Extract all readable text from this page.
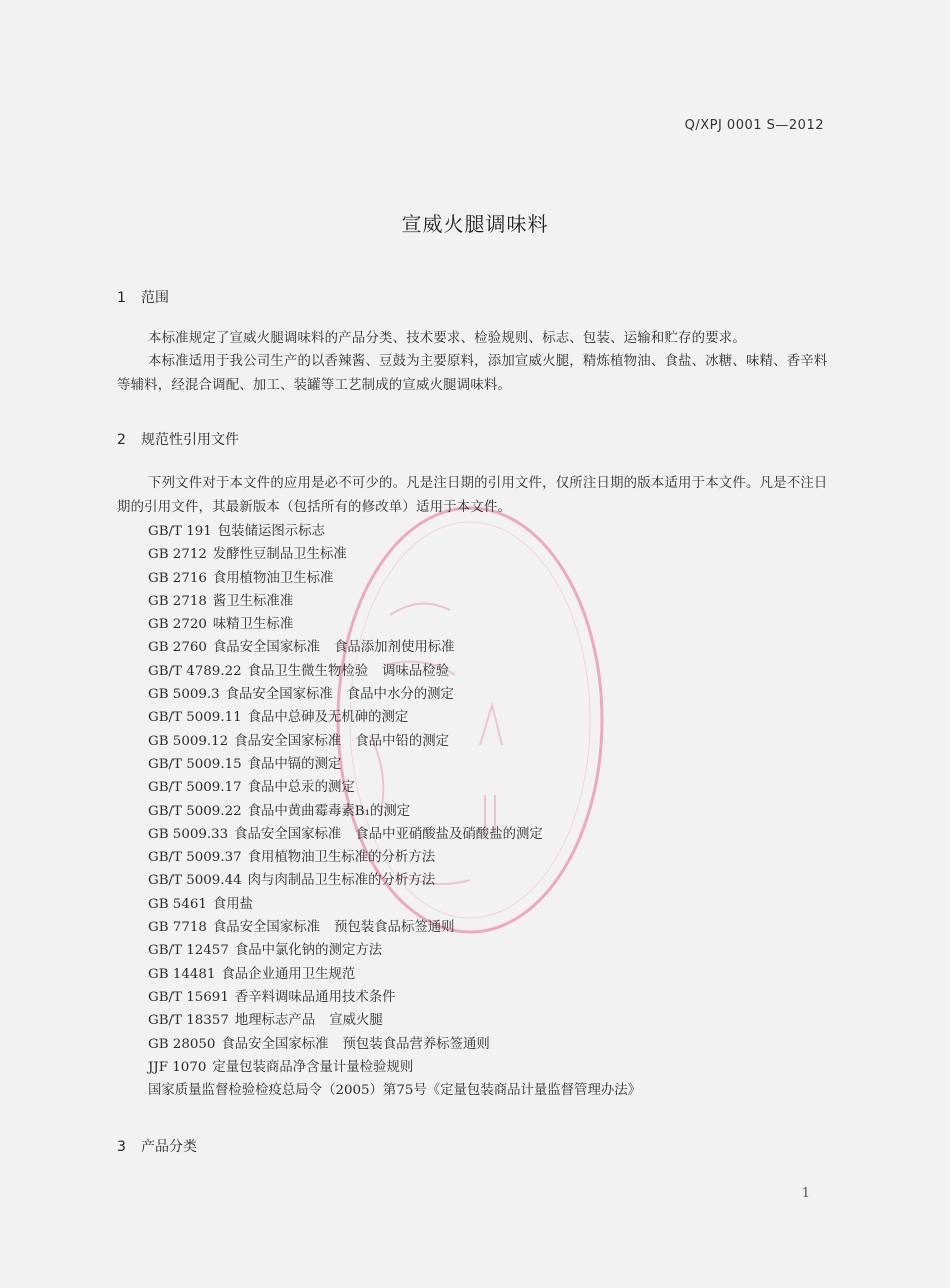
Q/XPJ 0001 S—2012
宣威火腿调味料
1 范围

本标准规定了宣威火腿调味料的产品分类、技术要求、检验规则、标志、包装、运输和贮存的要求。

本标准适用于我公司生产的以香辣酱、豆鼓为主要原料，添加宣威火腿，精炼植物油、食盐、冰糖、味精、香辛料等辅料，经混合调配、加工、装罐等工艺制成的宣威火腿调味料。

2 规范性引用文件

下列文件对于本文件的应用是必不可少的。凡是注日期的引用文件，仅所注日期的版本适用于本文件。凡是不注日期的引用文件，其最新版本（包括所有的修改单）适用于本文件。

GB/T 191 包装储运图示标志
GB 2712 发酵性豆制品卫生标准
GB 2716 食用植物油卫生标准
GB 2718 酱卫生标准准
GB 2720 味精卫生标准
GB 2760 食品安全国家标准 食品添加剂使用标准
GB/T 4789.22 食品卫生微生物检验 调味品检验
GB 5009.3 食品安全国家标准 食品中水分的测定
GB/T 5009.11 食品中总砷及无机砷的测定
GB 5009.12 食品安全国家标准 食品中铅的测定
GB/T 5009.15 食品中镉的测定
GB/T 5009.17 食品中总汞的测定
GB/T 5009.22 食品中黄曲霉毒素B₁的测定
GB 5009.33 食品安全国家标准 食品中亚硝酸盐及硝酸盐的测定
GB/T 5009.37 食用植物油卫生标准的分析方法
GB/T 5009.44 肉与肉制品卫生标准的分析方法
GB 5461 食用盐
GB 7718 食品安全国家标准 预包装食品标签通则
GB/T 12457 食品中氯化钠的测定方法
GB 14481 食品企业通用卫生规范
GB/T 15691 香辛料调味品通用技术条件
GB/T 18357 地理标志产品 宣威火腿
GB 28050 食品安全国家标准 预包装食品营养标签通则
JJF 1070 定量包装商品净含量计量检验规则
国家质量监督检验检疫总局令（2005）第75号《定量包装商品计量监督管理办法》
3 产品分类
1
